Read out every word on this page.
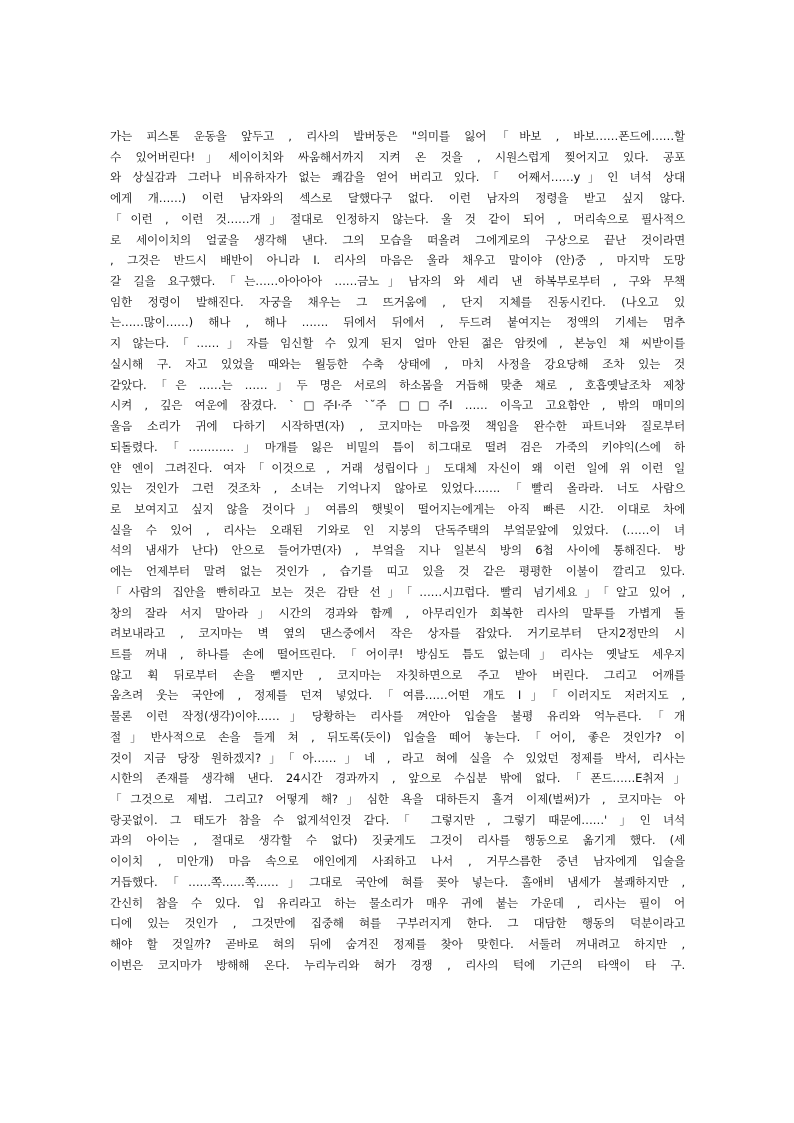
가는 피스톤 운동을 앞두고 , 리사의 발버둥은 "의미를 잃어「바보 , 바보……폰드에……할
수 있어버린다!」세이이치와 싸움해서까지 지켜 온 것을 , 시원스럽게 찢어지고 있다. 공포
와 상실감과 그러나 비유하자가 없는 쾌감을 얻어 버리고 있다.「 어째서……y」인 녀석 상대
에게 개……) 이런 남자와의 섹스로 달했다구 없다. 이런 남자의 정령을 받고 싶지 않다.
「이런 , 이런 것……개」절대로 인정하지 않는다. 울 것 같이 되어 , 머리속으로 필사적으
로 세이이치의 얼굴을 생각해 낸다. 그의 모습을 떠올려 그에게로의 구상으로 끝난 것이라면
, 그것은 반드시 배반이 아니라 I. 리사의 마음은 울라 채우고 말이야 (안)중 , 마지막 도망
갈 길을 요구했다.「는……아아아아 ……금노」남자의 와 세리 낸 하복부로부터 , 구와 무책
임한 정령이 발해진다. 자궁을 채우는 그 뜨거움에 , 단지 지체를 진동시킨다. (나오고 있
는……많이……) 해나 , 해나 ……. 뒤에서 뒤에서 , 두드려 붙여지는 정액의 기세는 멈추
지 않는다.「……」자를 임신할 수 있게 된지 얼마 안된 젊은 암컷에 , 본능인 채 씨받이를
실시해 구. 자고 있었을 때와는 월등한 수축 상태에 , 마치 사정을 강요당해 조차 있는 것
같았다.「은 ……는 ……」두 명은 서로의 하소몸을 거듭해 맞춘 채로 , 호흡옛날조차 제창
시켜 , 깊은 여운에 잠겼다. `□주I·주 `˘주 □□주I …… 이윽고 고요함안 , 밖의 매미의
울음 소리가 귀에 다하기 시작하면(자) , 코지마는 마음껏 책임을 완수한 파트너와 질로부터
되돌렸다.「…………」마개를 잃은 비밀의 틈이 히그대로 떨려 검은 가죽의 키야익(스에 하
얀 엔이 그려진다. 여자「이것으로 , 거래 성립이다」도대체 자신이 왜 이런 일에 위 이런 일
있는 것인가 그런 것조차 , 소녀는 기억나지 않아로 있었다…….「빨리 올라라. 너도 사람으
로 보여지고 싶지 않을 것이다」여름의 햇빛이 떨어지는에게는 아직 빠른 시간. 이대로 차에
실을 수 있어 , 리사는 오래된 기와로 인 지붕의 단독주택의 부엌문앞에 있었다. (……이 녀
석의 냄새가 난다) 안으로 들어가면(자) , 부엌을 지나 일본식 방의 6첩 사이에 통해진다. 방
에는 언제부터 말려 없는 것인가 , 습기를 띠고 있을 것 같은 평평한 이불이 깔리고 있다.
「사람의 집안을 빤히라고 보는 것은 감탄 선」「……시끄럽다. 빨리 넘기세요」「알고 있어 ,
창의 잘라 서지 말아라」시간의 경과와 함께 , 아무리인가 회복한 리사의 말투를 가볍게 돌
려보내라고 , 코지마는 벽 옆의 댄스중에서 작은 상자를 잡았다. 거기로부터 단지2정만의 시
트를 꺼내 , 하나를 손에 떨어뜨린다.「어이쿠! 방심도 틈도 없는데」리사는 옛날도 세우지
않고 휙 뒤로부터 손을 뻗지만 , 코지마는 자칫하면으로 주고 받아 버린다. 그리고 어깨를
움츠려 웃는 국안에 , 정제를 던져 넣었다.「여름……어떤 개도 I」「이러지도 저러지도 ,
물론 이런 작정(생각)이야……」당황하는 리사를 껴안아 입술을 불평 유리와 억누른다.「개
절」반사적으로 손을 들게 쳐 , 뒤도록(듯이) 입술을 떼어 놓는다.「어이, 좋은 것인가? 이
것이 지금 당장 원하겠지?」「아……」네 , 라고 혀에 실을 수 있었던 정제를 박서, 리사는
시한의 존재를 생각해 낸다. 24시간 경과까지 , 앞으로 수십분 밖에 없다.「폰드……E취저」
「그것으로 제법. 그리고? 어떻게 해?」심한 욕을 대하든지 흘겨 이제(벌써)가 , 코지마는 아
랑곳없이. 그 태도가 참을 수 없게석인것 같다.「 그렇지만 , 그렇기 때문에……' 」인 녀석
과의 아이는 , 절대로 생각할 수 없다) 짓궂게도 그것이 리사를 행동으로 옮기게 했다. (세
이이치 , 미안개) 마음 속으로 애인에게 사죄하고 나서 , 거무스름한 중년 남자에게 입술을
거듭했다.「……쪽……쪽……」그대로 국안에 혀를 꽂아 넣는다. 홀애비 냄세가 불쾌하지만 ,
간신히 참을 수 있다. 입 유리라고 하는 물소리가 매우 귀에 붙는 가운데 , 리사는 필이 어
디에 있는 것인가 , 그것만에 집중해 혀를 구부러지게 한다. 그 대담한 행동의 덕분이라고
해야 할 것일까? 곧바로 혀의 뒤에 숨겨진 정제를 찾아 맞힌다. 서둘러 꺼내려고 하지만 ,
이번은 코지마가 방해해 온다. 누리누리와 혀가 경쟁 , 리사의 턱에 기근의 타액이 타 구.
